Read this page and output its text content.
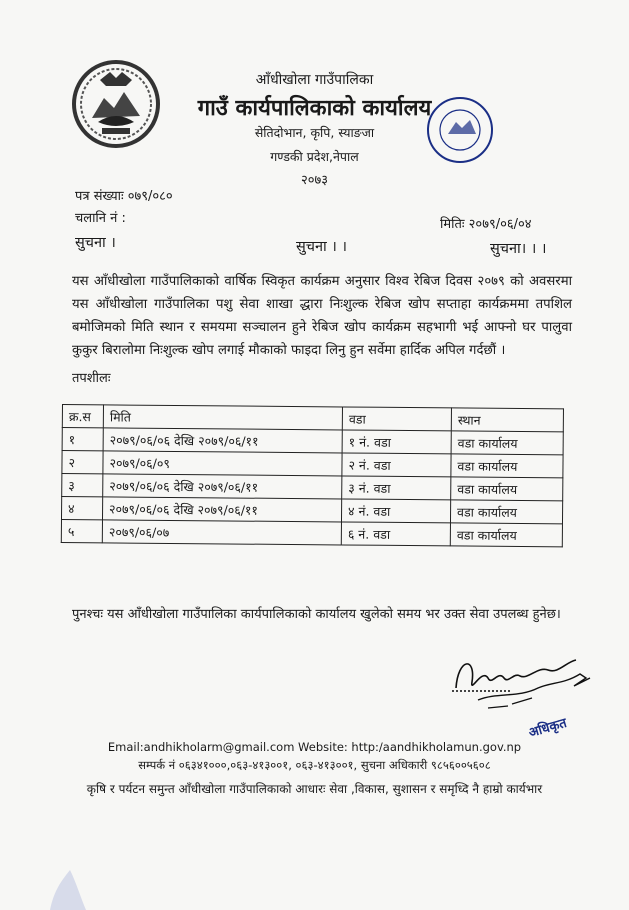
आँधीखोला गाउँपालिका
गाउँ कार्यपालिकाको कार्यालय
सेतिदोभान, कृपि, स्याङजा
गण्डकी प्रदेश,नेपाल
२०७३
पत्र संख्याः ०७९/०८०
चलानि नं :	मितिः २०७९/०६/०४
सुचना ।	सुचना । ।	सुचना। । ।
यस आँधीखोला गाउँपालिकाको वार्षिक स्विकृत कार्यक्रम अनुसार विश्व रेबिज दिवस २०७९ को अवसरमा यस आँधीखोला गाउँपालिका पशु सेवा शाखा द्धारा निःशुल्क रेबिज खोप सप्ताहा कार्यक्रममा तपशिल बमोजिमको मिति स्थान र समयमा सञ्चालन हुने रेबिज खोप कार्यक्रम सहभागी भई आफ्नो घर पालुवा कुकुर बिरालोमा निःशुल्क खोप लगाई मौकाको फाइदा लिनु हुन सर्वेमा हार्दिक अपिल गर्दछौं ।
तपशीलः
क्र.स	मिति	वडा	स्थान
१	२०७९/०६/०६ देखि २०७९/०६/११	१ नं. वडा	वडा कार्यालय
२	२०७९/०६/०९	२ नं. वडा	वडा कार्यालय
३	२०७९/०६/०६ देखि २०७९/०६/११	३ नं. वडा	वडा कार्यालय
४	२०७९/०६/०६ देखि २०७९/०६/११	४ नं. वडा	वडा कार्यालय
५	२०७९/०६/०७	६ नं. वडा	वडा कार्यालय
पुनश्चः यस आँधीखोला गाउँपालिका कार्यपालिकाको कार्यालय खुलेको समय भर उक्त सेवा उपलब्ध हुनेछ।
अधिकृत
Email:andhikholarm@gmail.com Website: http:/aandhikholamun.gov.np
सम्पर्क नं ०६३४१०००,०६३-४१३००१, ०६३-४१३००१, सुचना अधिकारी ९८५६००५६०८
कृषि र पर्यटन समुन्त आँधीखोला गाउँपालिकाको आधारः सेवा ,विकास, सुशासन र समृध्दि नै हाम्रो कार्यभार
